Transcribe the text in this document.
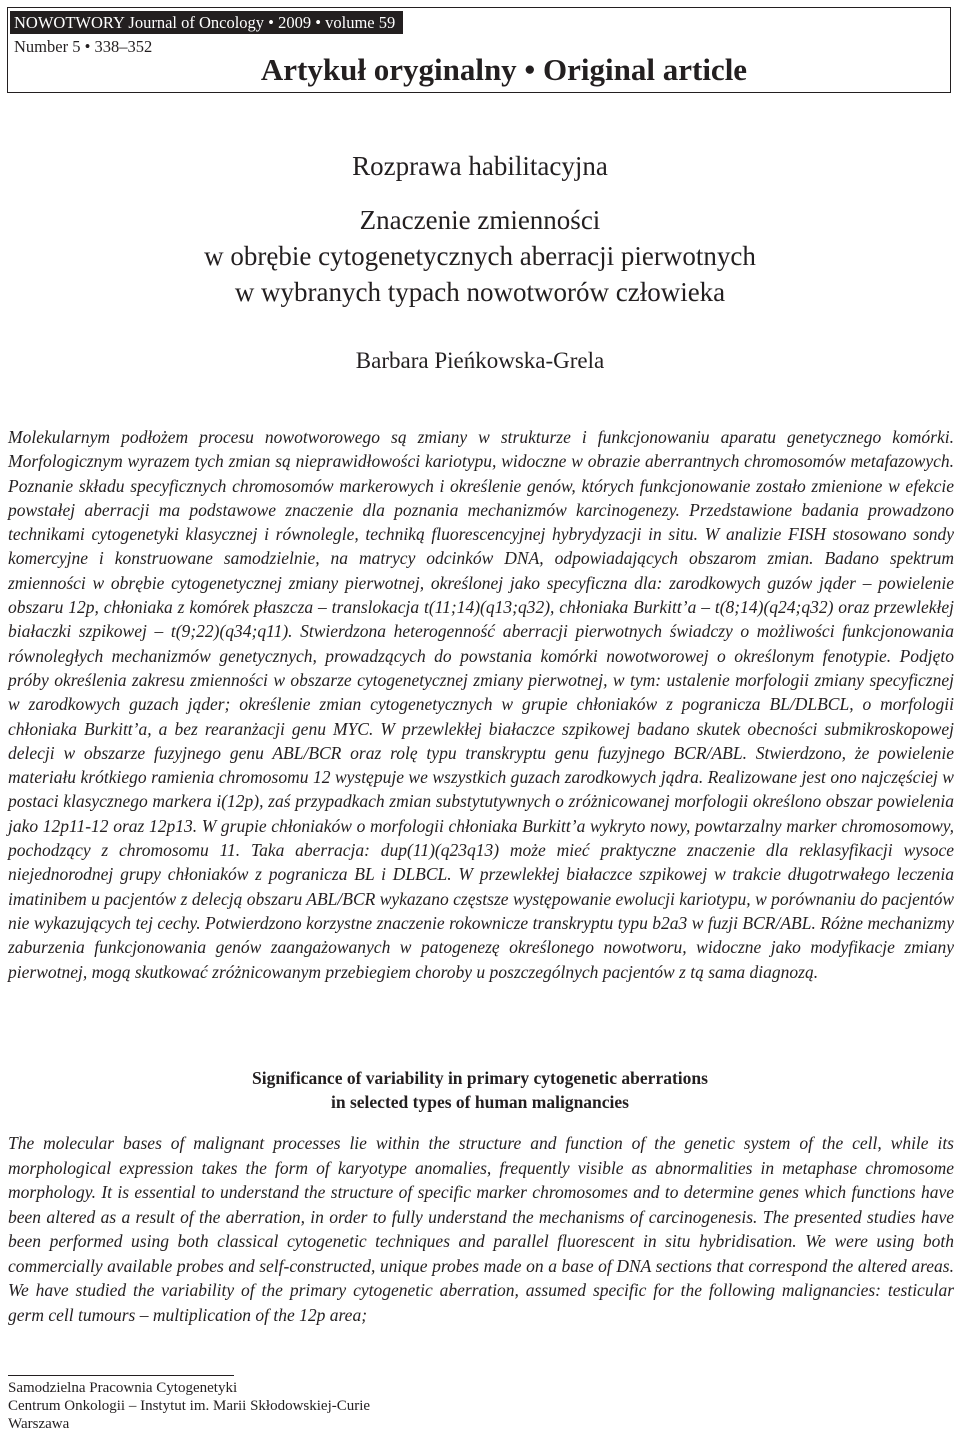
NOWOTWORY Journal of Oncology • 2009 • volume 59
Number 5 • 338–352
Artykuł oryginalny • Original article
Rozprawa habilitacyjna
Znaczenie zmienności
w obrębie cytogenetycznych aberracji pierwotnych
w wybranych typach nowotworów człowieka
Barbara Pieńkowska-Grela
Molekularnym podłożem procesu nowotworowego są zmiany w strukturze i funkcjonowaniu aparatu genetycznego komórki. Morfologicznym wyrazem tych zmian są nieprawidłowości kariotypu, widoczne w obrazie aberrantnych chromosomów metafazowych. Poznanie składu specyficznych chromosomów markerowych i określenie genów, których funkcjonowanie zostało zmienione w efekcie powstałej aberracji ma podstawowe znaczenie dla poznania mechanizmów karcinogenezy. Przedstawione badania prowadzono technikami cytogenetyki klasycznej i równolegle, techniką fluorescencyjnej hybrydyzacji in situ. W analizie FISH stosowano sondy komercyjne i konstruowane samodzielnie, na matrycy odcinków DNA, odpowiadających obszarom zmian. Badano spektrum zmienności w obrębie cytogenetycznej zmiany pierwotnej, określonej jako specyficzna dla: zarodkowych guzów jąder – powielenie obszaru 12p, chłoniaka z komórek płaszcza – translokacja t(11;14)(q13;q32), chłoniaka Burkitt’a – t(8;14)(q24;q32) oraz przewlekłej białaczki szpikowej – t(9;22)(q34;q11). Stwierdzona heterogenność aberracji pierwotnych świadczy o możliwości funkcjonowania równoległych mechanizmów genetycznych, prowadzących do powstania komórki nowotworowej o określonym fenotypie. Podjęto próby określenia zakresu zmienności w obszarze cytogenetycznej zmiany pierwotnej, w tym: ustalenie morfologii zmiany specyficznej w zarodkowych guzach jąder; określenie zmian cytogenetycznych w grupie chłoniaków z pogranicza BL/DLBCL, o morfologii chłoniaka Burkitt’a, a bez rearanżacji genu MYC. W przewlekłej białaczce szpikowej badano skutek obecności submikroskopowej delecji w obszarze fuzyjnego genu ABL/BCR oraz rolę typu transkryptu genu fuzyjnego BCR/ABL. Stwierdzono, że powielenie materiału krótkiego ramienia chromosomu 12 występuje we wszystkich guzach zarodkowych jądra. Realizowane jest ono najczęściej w postaci klasycznego markera i(12p), zaś przypadkach zmian substytutywnych o zróżnicowanej morfologii określono obszar powielenia jako 12p11-12 oraz 12p13. W grupie chłoniaków o morfologii chłoniaka Burkitt’a wykryto nowy, powtarzalny marker chromosomowy, pochodzący z chromosomu 11. Taka aberracja: dup(11)(q23q13) może mieć praktyczne znaczenie dla reklasyfikacji wysoce niejednorodnej grupy chłoniaków z pogranicza BL i DLBCL. W przewlekłej białaczce szpikowej w trakcie długotrwałego leczenia imatinibem u pacjentów z delecją obszaru ABL/BCR wykazano częstsze występowanie ewolucji kariotypu, w porównaniu do pacjentów nie wykazujących tej cechy. Potwierdzono korzystne znaczenie rokownicze transkryptu typu b2a3 w fuzji BCR/ABL. Różne mechanizmy zaburzenia funkcjonowania genów zaangażowanych w patogenezę określonego nowotworu, widoczne jako modyfikacje zmiany pierwotnej, mogą skutkować zróżnicowanym przebiegiem choroby u poszczególnych pacjentów z tą sama diagnozą.
Significance of variability in primary cytogenetic aberrations
in selected types of human malignancies
The molecular bases of malignant processes lie within the structure and function of the genetic system of the cell, while its morphological expression takes the form of karyotype anomalies, frequently visible as abnormalities in metaphase chromosome morphology. It is essential to understand the structure of specific marker chromosomes and to determine genes which functions have been altered as a result of the aberration, in order to fully understand the mechanisms of carcinogenesis. The presented studies have been performed using both classical cytogenetic techniques and parallel fluorescent in situ hybridisation. We were using both commercially available probes and self-constructed, unique probes made on a base of DNA sections that correspond the altered areas. We have studied the variability of the primary cytogenetic aberration, assumed specific for the following malignancies: testicular germ cell tumours – multiplication of the 12p area;
Samodzielna Pracownia Cytogenetyki
Centrum Onkologii – Instytut im. Marii Skłodowskiej-Curie
Warszawa
